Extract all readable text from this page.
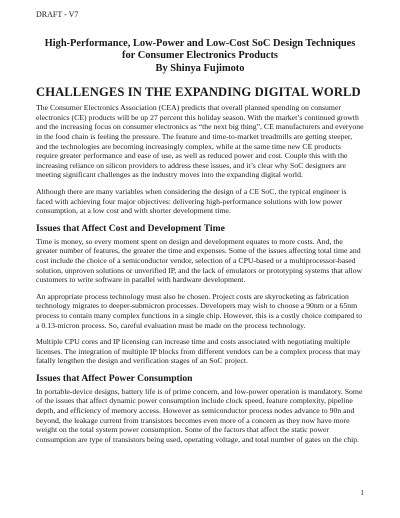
DRAFT - V7
High-Performance, Low-Power and Low-Cost SoC Design Techniques
for Consumer Electronics Products
By Shinya Fujimoto
CHALLENGES IN THE EXPANDING DIGITAL WORLD

The Consumer Electronics Association (CEA) predicts that overall planned spending on consumer electronics (CE) products will be up 27 percent this holiday season. With the market’s continued growth and the increasing focus on consumer electronics as “the next big thing”, CE manufacturers and everyone in the food chain is feeling the pressure. The feature and time-to-market treadmills are getting steeper, and the technologies are becoming increasingly complex, while at the same time new CE products require greater performance and ease of use, as well as reduced power and cost. Couple this with the increasing reliance on silicon providers to address these issues, and it’s clear why SoC designers are meeting significant challenges as the industry moves into the expanding digital world.

Although there are many variables when considering the design of a CE SoC, the typical engineer is faced with achieving four major objectives: delivering high-performance solutions with low power consumption, at a low cost and with shorter development time.

Issues that Affect Cost and Development Time

Time is money, so every moment spent on design and development equates to more costs. And, the greater number of features, the greater the time and expenses. Some of the issues affecting total time and cost include the choice of a semiconductor vendor, selection of a CPU-based or a multiprocessor-based solution, unproven solutions or unverified IP, and the lack of emulators or prototyping systems that allow customers to write software in parallel with hardware development.

An appropriate process technology must also be chosen. Project costs are skyrocketing as fabrication technology migrates to deeper-submicron processes. Developers may wish to choose a 90nm or a 65nm process to contain many complex functions in a single chip. However, this is a costly choice compared to a 0.13-micron process. So, careful evaluation must be made on the process technology.

Multiple CPU cores and IP licensing can increase time and costs associated with negotiating multiple licenses. The integration of multiple IP blocks from different vendors can be a complex process that may fatally lengthen the design and verification stages of an SoC project.

Issues that Affect Power Consumption

In portable-device designs, battery life is of prime concern, and low-power operation is mandatory. Some of the issues that affect dynamic power consumption include clock speed, feature complexity, pipeline depth, and efficiency of memory access. However as semiconductor process nodes advance to 90n and beyond, the leakage current from transistors becomes even more of a concern as they now have more weight on the total system power consumption. Some of the factors that affect the static power consumption are type of transistors being used, operating voltage, and total number of gates on the chip.

1
